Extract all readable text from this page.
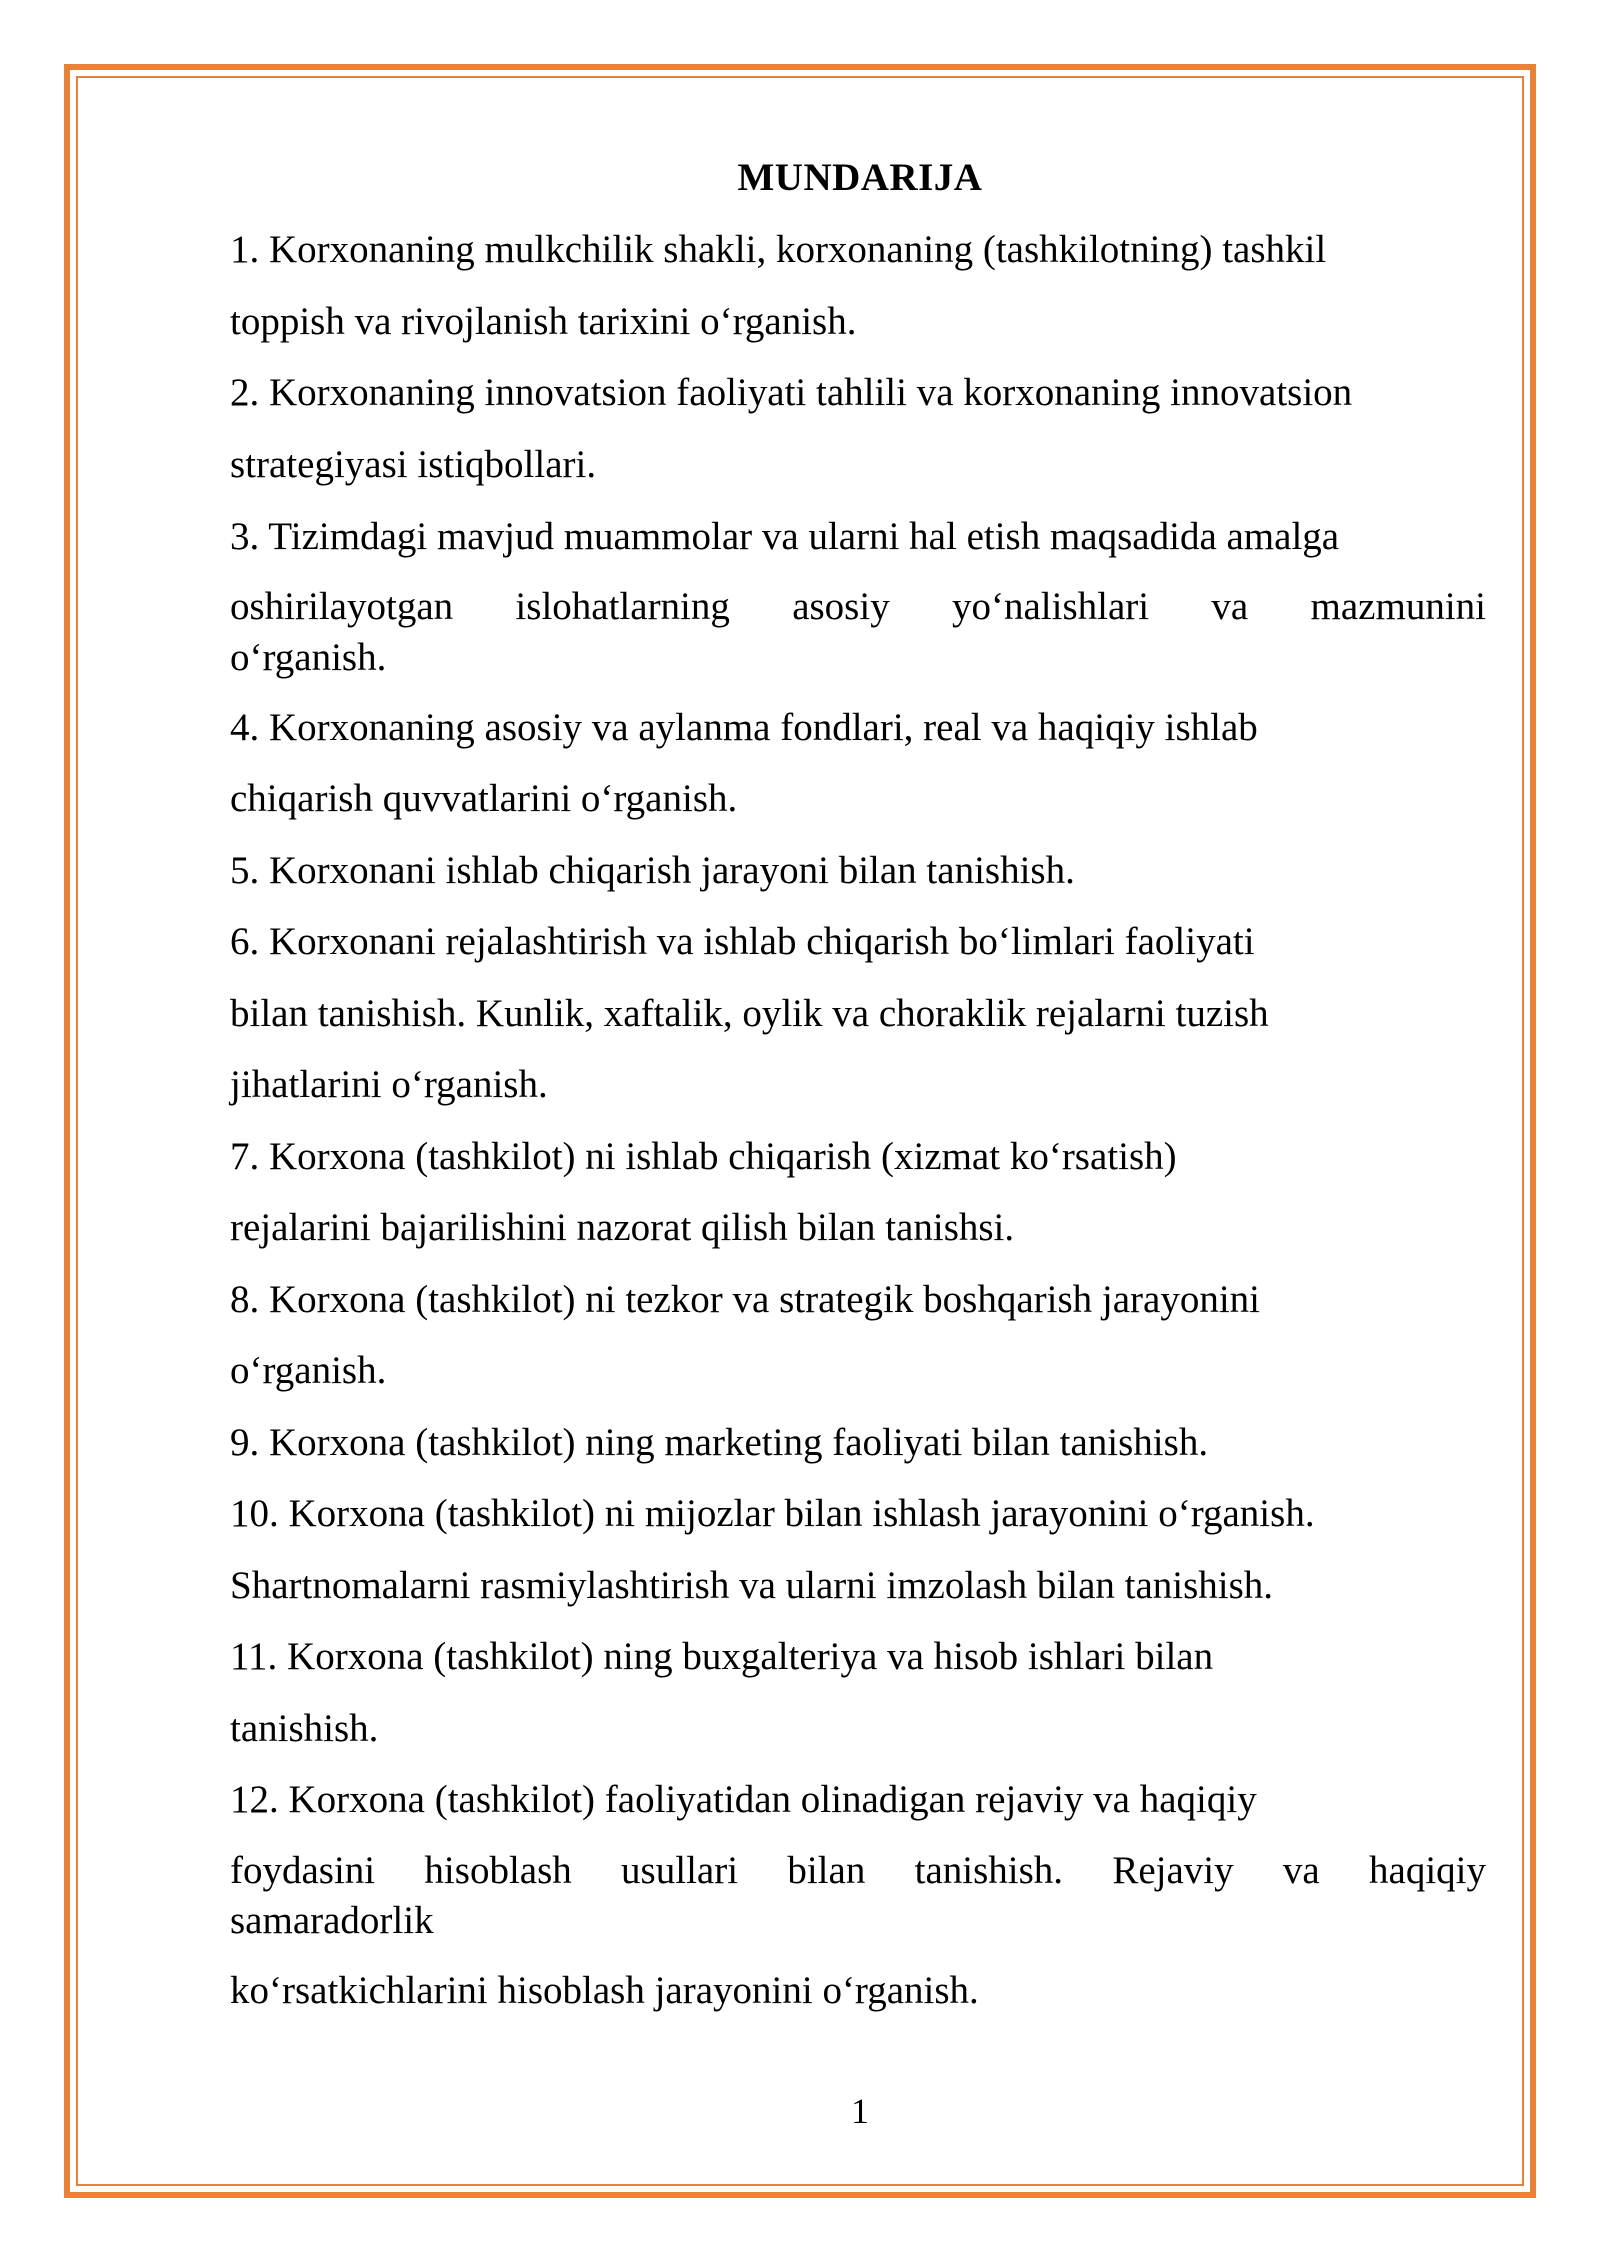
MUNDARIJA
1. Korxonaning mulkchilik shakli, korxonaning (tashkilotning) tashkil
toppish va rivojlanish tarixini o‘rganish.
2. Korxonaning innovatsion faoliyati tahlili va korxonaning innovatsion
strategiyasi istiqbollari.
3. Tizimdagi mavjud muammolar va ularni hal etish maqsadida amalga
oshirilayotgan islohatlarning asosiy yo‘nalishlari va mazmunini
o‘rganish.
4. Korxonaning asosiy va aylanma fondlari, real va haqiqiy ishlab
chiqarish quvvatlarini o‘rganish.
5. Korxonani ishlab chiqarish jarayoni bilan tanishish.
6. Korxonani rejalashtirish va ishlab chiqarish bo‘limlari faoliyati
bilan tanishish. Kunlik, xaftalik, oylik va choraklik rejalarni tuzish
jihatlarini o‘rganish.
7. Korxona (tashkilot) ni ishlab chiqarish (xizmat ko‘rsatish)
rejalarini bajarilishini nazorat qilish bilan tanishsi.
8. Korxona (tashkilot) ni tezkor va strategik boshqarish jarayonini
o‘rganish.
9. Korxona (tashkilot) ning marketing faoliyati bilan tanishish.
10. Korxona (tashkilot) ni mijozlar bilan ishlash jarayonini o‘rganish.
Shartnomalarni rasmiylashtirish va ularni imzolash bilan tanishish.
11. Korxona (tashkilot) ning buxgalteriya va hisob ishlari bilan
tanishish.
12. Korxona (tashkilot) faoliyatidan olinadigan rejaviy va haqiqiy
foydasini hisoblash usullari bilan tanishish. Rejaviy va haqiqiy
samaradorlik
ko‘rsatkichlarini hisoblash jarayonini o‘rganish.
1
